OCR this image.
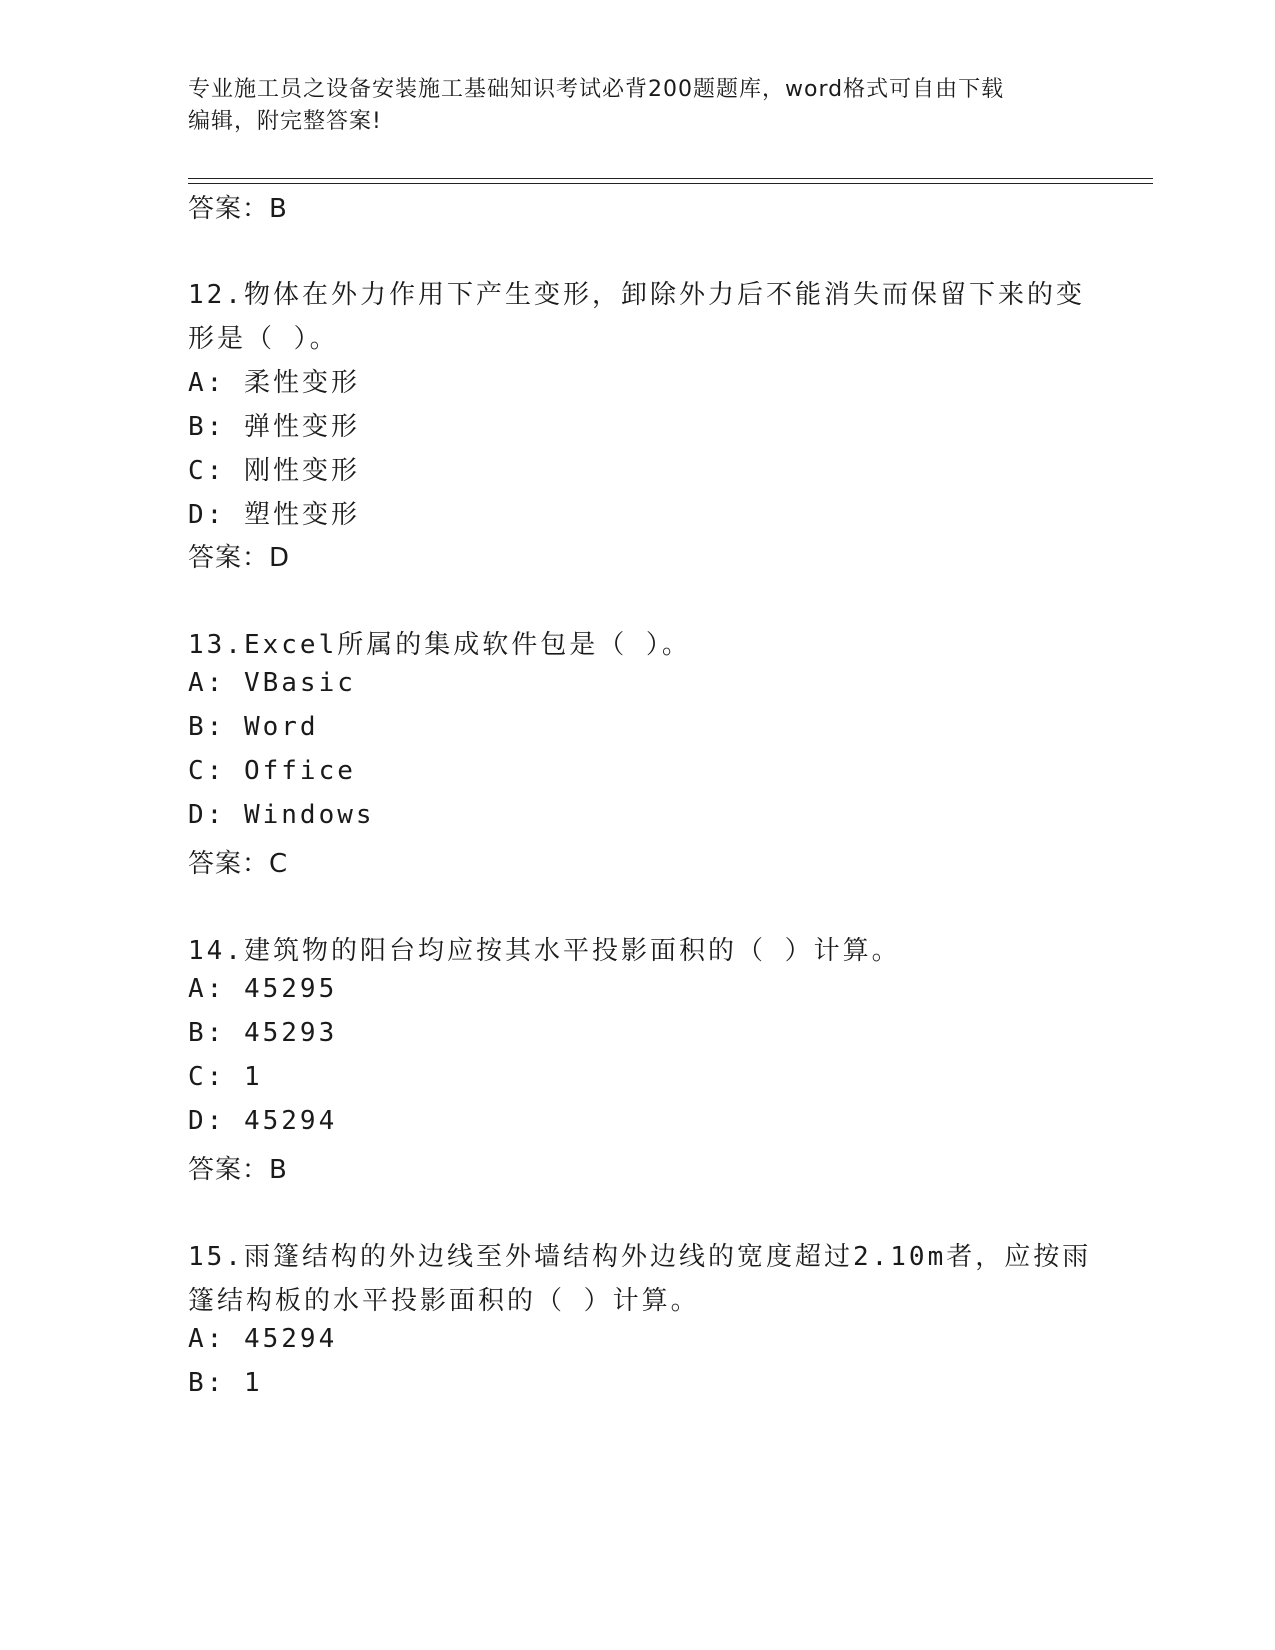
专业施工员之设备安装施工基础知识考试必背200题题库，word格式可自由下载
编辑，附完整答案!
答案：B
12.物体在外力作用下产生变形，卸除外力后不能消失而保留下来的变
形是（ ）。
A: 柔性变形
B: 弹性变形
C: 刚性变形
D: 塑性变形
答案：D
13.Excel所属的集成软件包是（ ）。
A: VBasic
B: Word
C: Office
D: Windows
答案：C
14.建筑物的阳台均应按其水平投影面积的（ ）计算。
A: 45295
B: 45293
C: 1
D: 45294
答案：B
15.雨篷结构的外边线至外墙结构外边线的宽度超过2.10m者，应按雨
篷结构板的水平投影面积的（ ）计算。
A: 45294
B: 1
